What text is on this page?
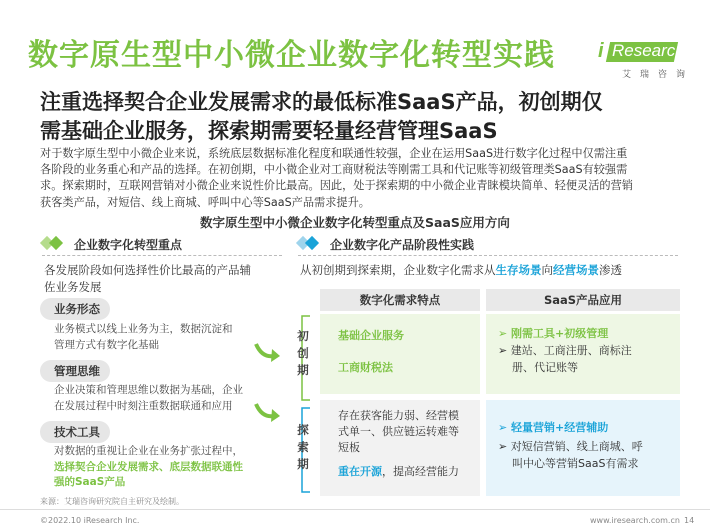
数字原生型中小微企业数字化转型实践 i Research
艾瑞咨询
注重选择契合企业发展需求的最低标准SaaS产品，初创期仅
需基础企业服务，探索期需要轻量经营管理SaaS
对于数字原生型中小微企业来说，系统底层数据标准化程度和联通性较强，企业在运用SaaS进行数字化过程中仅需注重
各阶段的业务重心和产品的选择。在初创期，中小微企业对工商财税法等刚需工具和代记账等初级管理类SaaS有较强需
求。探索期时，互联网营销对小微企业来说性价比最高。因此，处于探索期的中小微企业青睐模块简单、轻便灵活的营销
获客类产品，对短信、线上商城、呼叫中心等SaaS产品需求提升。
数字原生型中小微企业数字化转型重点及SaaS应用方向
企业数字化转型重点
各发展阶段如何选择性价比最高的产品辅
佐业务发展
业务形态
业务模式以线上业务为主，数据沉淀和
管理方式有数字化基础
管理思维
企业决策和管理思维以数据为基础，企业
在发展过程中时刻注重数据联通和应用
技术工具
对数据的重视让企业在业务扩张过程中，
选择契合企业发展需求、底层数据联通性
强的SaaS产品
企业数字化产品阶段性实践
从初创期到探索期，企业数字化需求从生存场景向经营场景渗透
数字化需求特点	SaaS产品应用
初
创
期
探
索
期
基础企业服务
工商财税法
➢ 刚需工具+初级管理
➢ 建站、工商注册、商标注
册、代记账等
存在获客能力弱、经营模
式单一、供应链运转难等
短板
重在开源，提高经营能力
➢ 轻量营销+经营辅助
➢ 对短信营销、线上商城、呼
叫中心等营销SaaS有需求
来源：艾瑞咨询研究院自主研究及绘制。
©2022.10 iResearch Inc.	www.iresearch.com.cn 14
